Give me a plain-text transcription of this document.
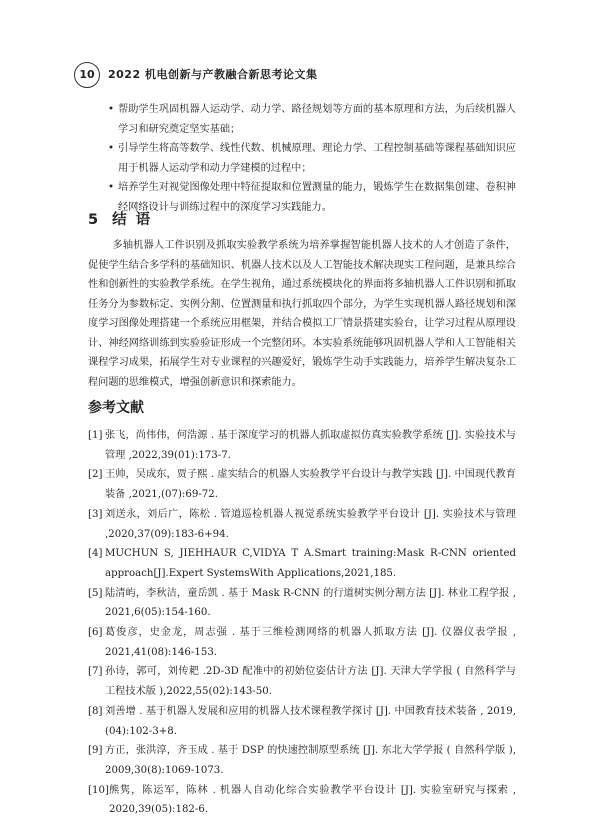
10	2022 机电创新与产教融合新思考论文集
• 帮助学生巩固机器人运动学、动力学、路径规划等方面的基本原理和方法，为后续机器人学习和研究奠定坚实基础；
• 引导学生将高等数学、线性代数、机械原理、理论力学、工程控制基础等课程基础知识应用于机器人运动学和动力学建模的过程中；
• 培养学生对视觉图像处理中特征提取和位置测量的能力，锻炼学生在数据集创建、卷积神经网络设计与训练过程中的深度学习实践能力。
5 结语

多轴机器人工件识别及抓取实验教学系统为培养掌握智能机器人技术的人才创造了条件，促使学生结合多学科的基础知识、机器人技术以及人工智能技术解决现实工程问题，是兼具综合性和创新性的实验教学系统。在学生视角，通过系统模块化的界面将多轴机器人工件识别和抓取任务分为参数标定、实例分割、位置测量和执行抓取四个部分，为学生实现机器人路径规划和深度学习图像处理搭建一个系统应用框架，并结合模拟工厂情景搭建实验台，让学习过程从原理设计、神经网络训练到实验验证形成一个完整闭环。本实验系统能够巩固机器人学和人工智能相关课程学习成果，拓展学生对专业课程的兴趣爱好，锻炼学生动手实践能力，培养学生解决复杂工程问题的思维模式，增强创新意识和探索能力。

参考文献
[1] 张飞，尚伟伟，何浩源 . 基于深度学习的机器人抓取虚拟仿真实验教学系统 [J]. 实验技术与管理 ,2022,39(01):173-7.
[2] 王帅，吴成东，贾子熙 . 虚实结合的机器人实验教学平台设计与教学实践 [J]. 中国现代教育装备 ,2021,(07):69-72.
[3] 刘送永，刘后广，陈松 . 管道巡检机器人视觉系统实验教学平台设计 [J]. 实验技术与管理 ,2020,37(09):183-6+94.
[4] MUCHUN S, JIEHHAUR C,VIDYA T A.Smart training:Mask R-CNN oriented approach[J].Expert SystemsWith Applications,2021,185.
[5] 陆清屿，李秋洁，童岳凯 . 基于 Mask R-CNN 的行道树实例分割方法 [J]. 林业工程学报 , 2021,6(05):154-160.
[6] 葛俊彦，史金龙，周志强 . 基于三维检测网络的机器人抓取方法 [J]. 仪器仪表学报 , 2021,41(08):146-153.
[7] 孙诗，郭可，刘传耙 .2D-3D 配准中的初始位姿估计方法 [J]. 天津大学学报 ( 自然科学与工程技术版 ),2022,55(02):143-50.
[8] 刘善增 . 基于机器人发展和应用的机器人技术课程教学探讨 [J]. 中国教育技术装备 , 2019,(04):102-3+8.
[9] 方正，张洪淳，齐玉成 . 基于 DSP 的快速控制原型系统 [J]. 东北大学学报 ( 自然科学版 ), 2009,30(8):1069-1073.
[10] 熊隽，陈运军，陈林 . 机器人自动化综合实验教学平台设计 [J]. 实验室研究与探索 , 2020,39(05):182-6.
